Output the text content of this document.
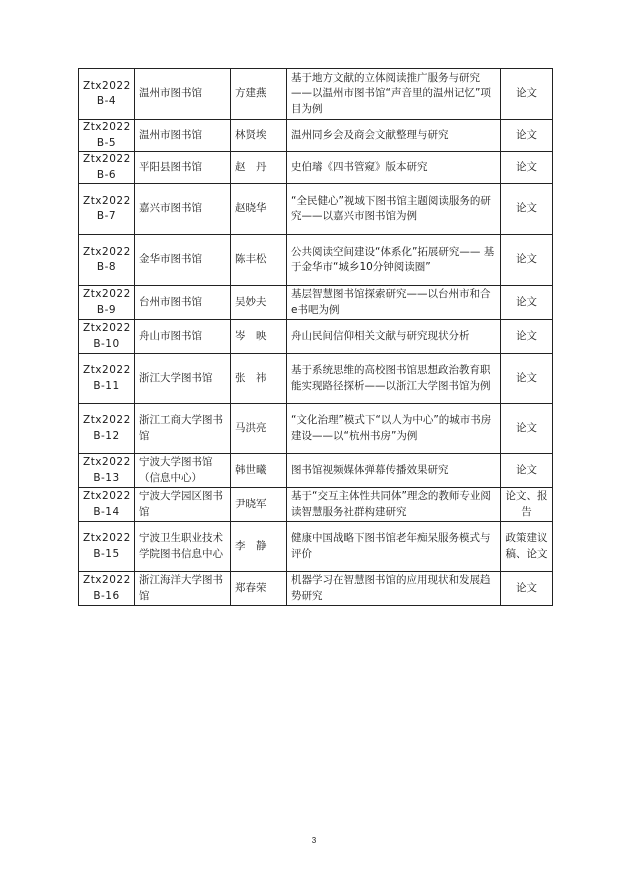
Ztx2022 B-4	温州市图书馆	方建燕	基于地方文献的立体阅读推广服务与研究——以温州市图书馆“声音里的温州记忆”项目为例	论文
Ztx2022 B-5	温州市图书馆	林贤埃	温州同乡会及商会文献整理与研究	论文
Ztx2022 B-6	平阳县图书馆	赵　丹	史伯璿《四书管窥》版本研究	论文
Ztx2022 B-7	嘉兴市图书馆	赵晓华	“全民健心”视域下图书馆主题阅读服务的研究——以嘉兴市图书馆为例	论文
Ztx2022 B-8	金华市图书馆	陈丰松	公共阅读空间建设“体系化”拓展研究—— 基于金华市“城乡10分钟阅读圈”	论文
Ztx2022 B-9	台州市图书馆	吴妙夫	基层智慧图书馆探索研究——以台州市和合e书吧为例	论文
Ztx2022 B-10	舟山市图书馆	岑　映	舟山民间信仰相关文献与研究现状分析	论文
Ztx2022 B-11	浙江大学图书馆	张　祎	基于系统思维的高校图书馆思想政治教育职能实现路径探析——以浙江大学图书馆为例	论文
Ztx2022 B-12	浙江工商大学图书馆	马洪亮	“文化治理”模式下“以人为中心”的城市书房建设——以“杭州书房”为例	论文
Ztx2022 B-13	宁波大学图书馆（信息中心）	韩世曦	图书馆视频媒体弹幕传播效果研究	论文
Ztx2022 B-14	宁波大学园区图书馆	尹晓军	基于“交互主体性共同体”理念的教师专业阅读智慧服务社群构建研究	论文、报告
Ztx2022 B-15	宁波卫生职业技术学院图书信息中心	李　静	健康中国战略下图书馆老年痴呆服务模式与评价	政策建议稿、论文
Ztx2022 B-16	浙江海洋大学图书馆	郑春荣	机器学习在智慧图书馆的应用现状和发展趋势研究	论文
3
